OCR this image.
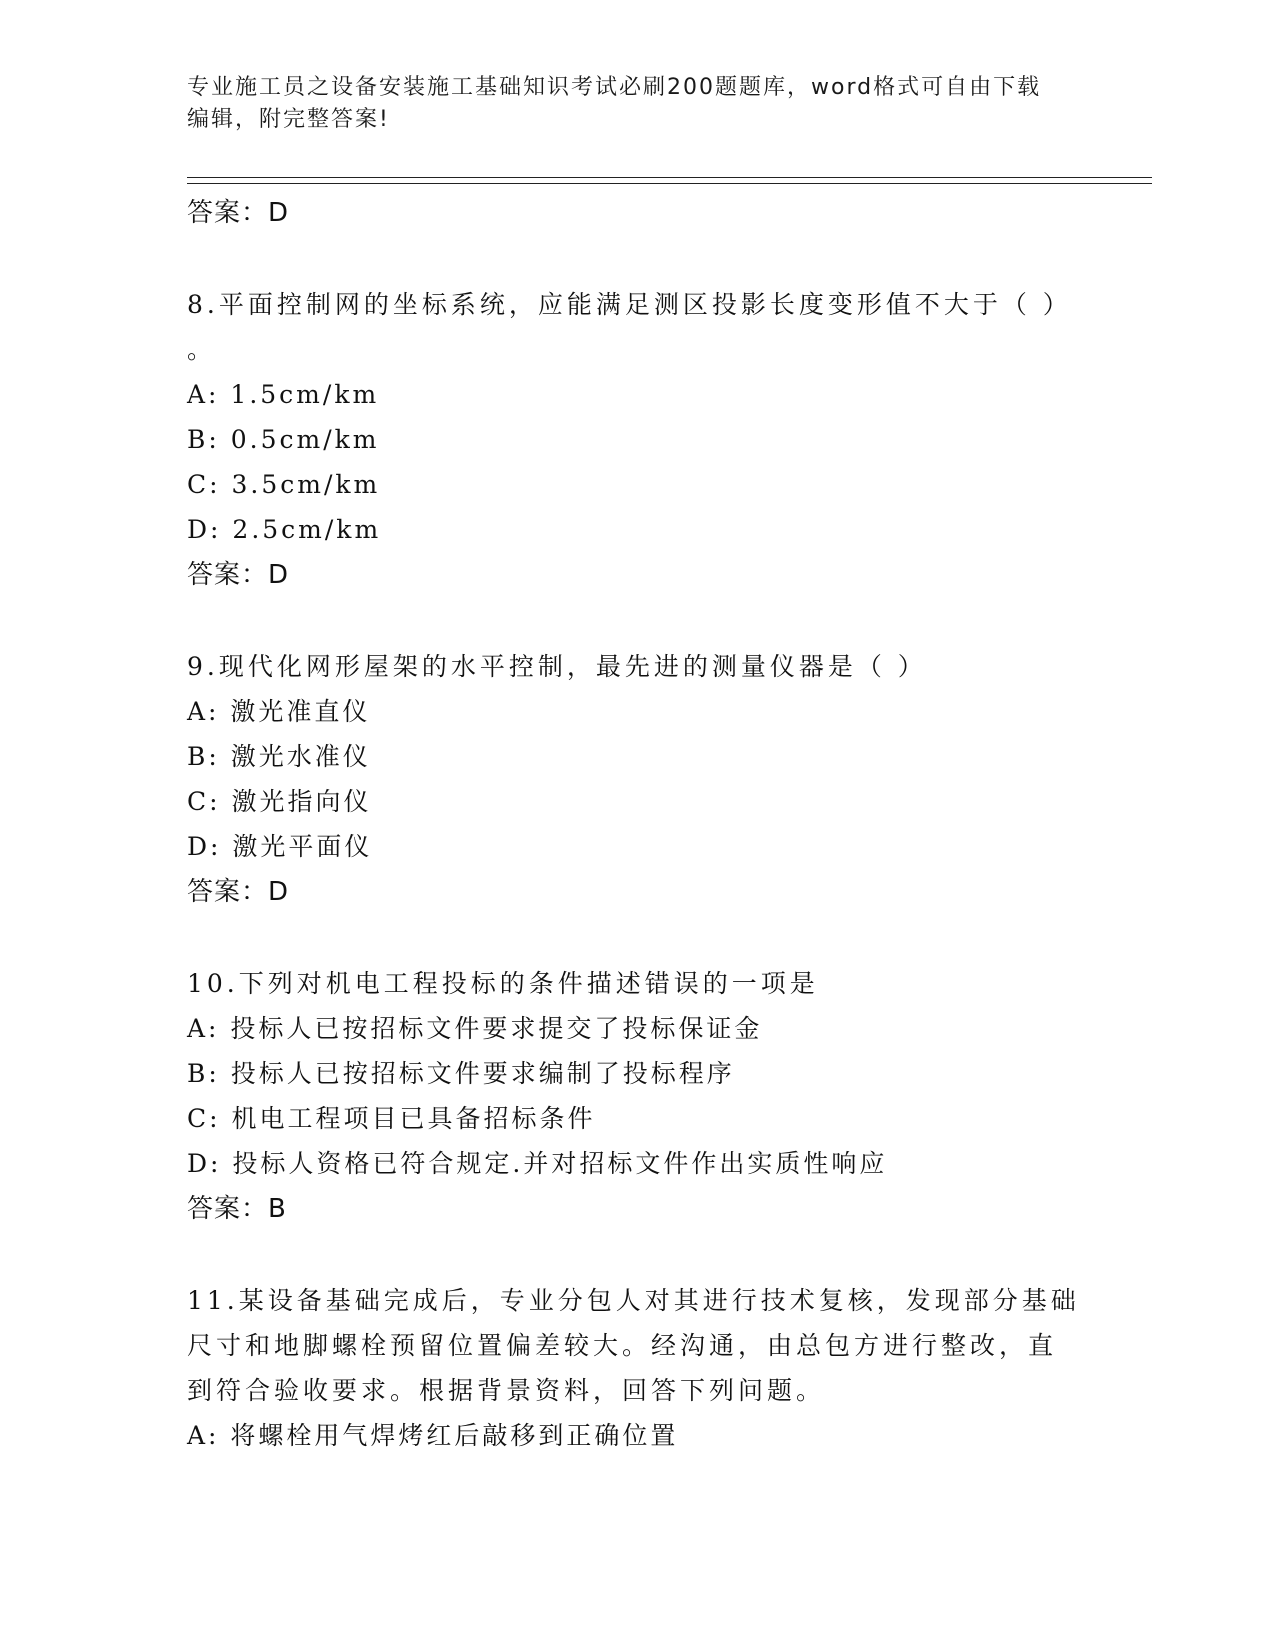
专业施工员之设备安装施工基础知识考试必刷200题题库，word格式可自由下载
编辑，附完整答案!
答案：D
8.平面控制网的坐标系统，应能满足测区投影长度变形值不大于（ ）
。
A: 1.5cm/km
B: 0.5cm/km
C: 3.5cm/km
D: 2.5cm/km
答案：D
9.现代化网形屋架的水平控制，最先进的测量仪器是（ ）
A: 激光准直仪
B: 激光水准仪
C: 激光指向仪
D: 激光平面仪
答案：D
10.下列对机电工程投标的条件描述错误的一项是
A: 投标人已按招标文件要求提交了投标保证金
B: 投标人已按招标文件要求编制了投标程序
C: 机电工程项目已具备招标条件
D: 投标人资格已符合规定.并对招标文件作出实质性响应
答案：B
11.某设备基础完成后，专业分包人对其进行技术复核，发现部分基础
尺寸和地脚螺栓预留位置偏差较大。经沟通，由总包方进行整改，直
到符合验收要求。根据背景资料，回答下列问题。
A: 将螺栓用气焊烤红后敲移到正确位置
